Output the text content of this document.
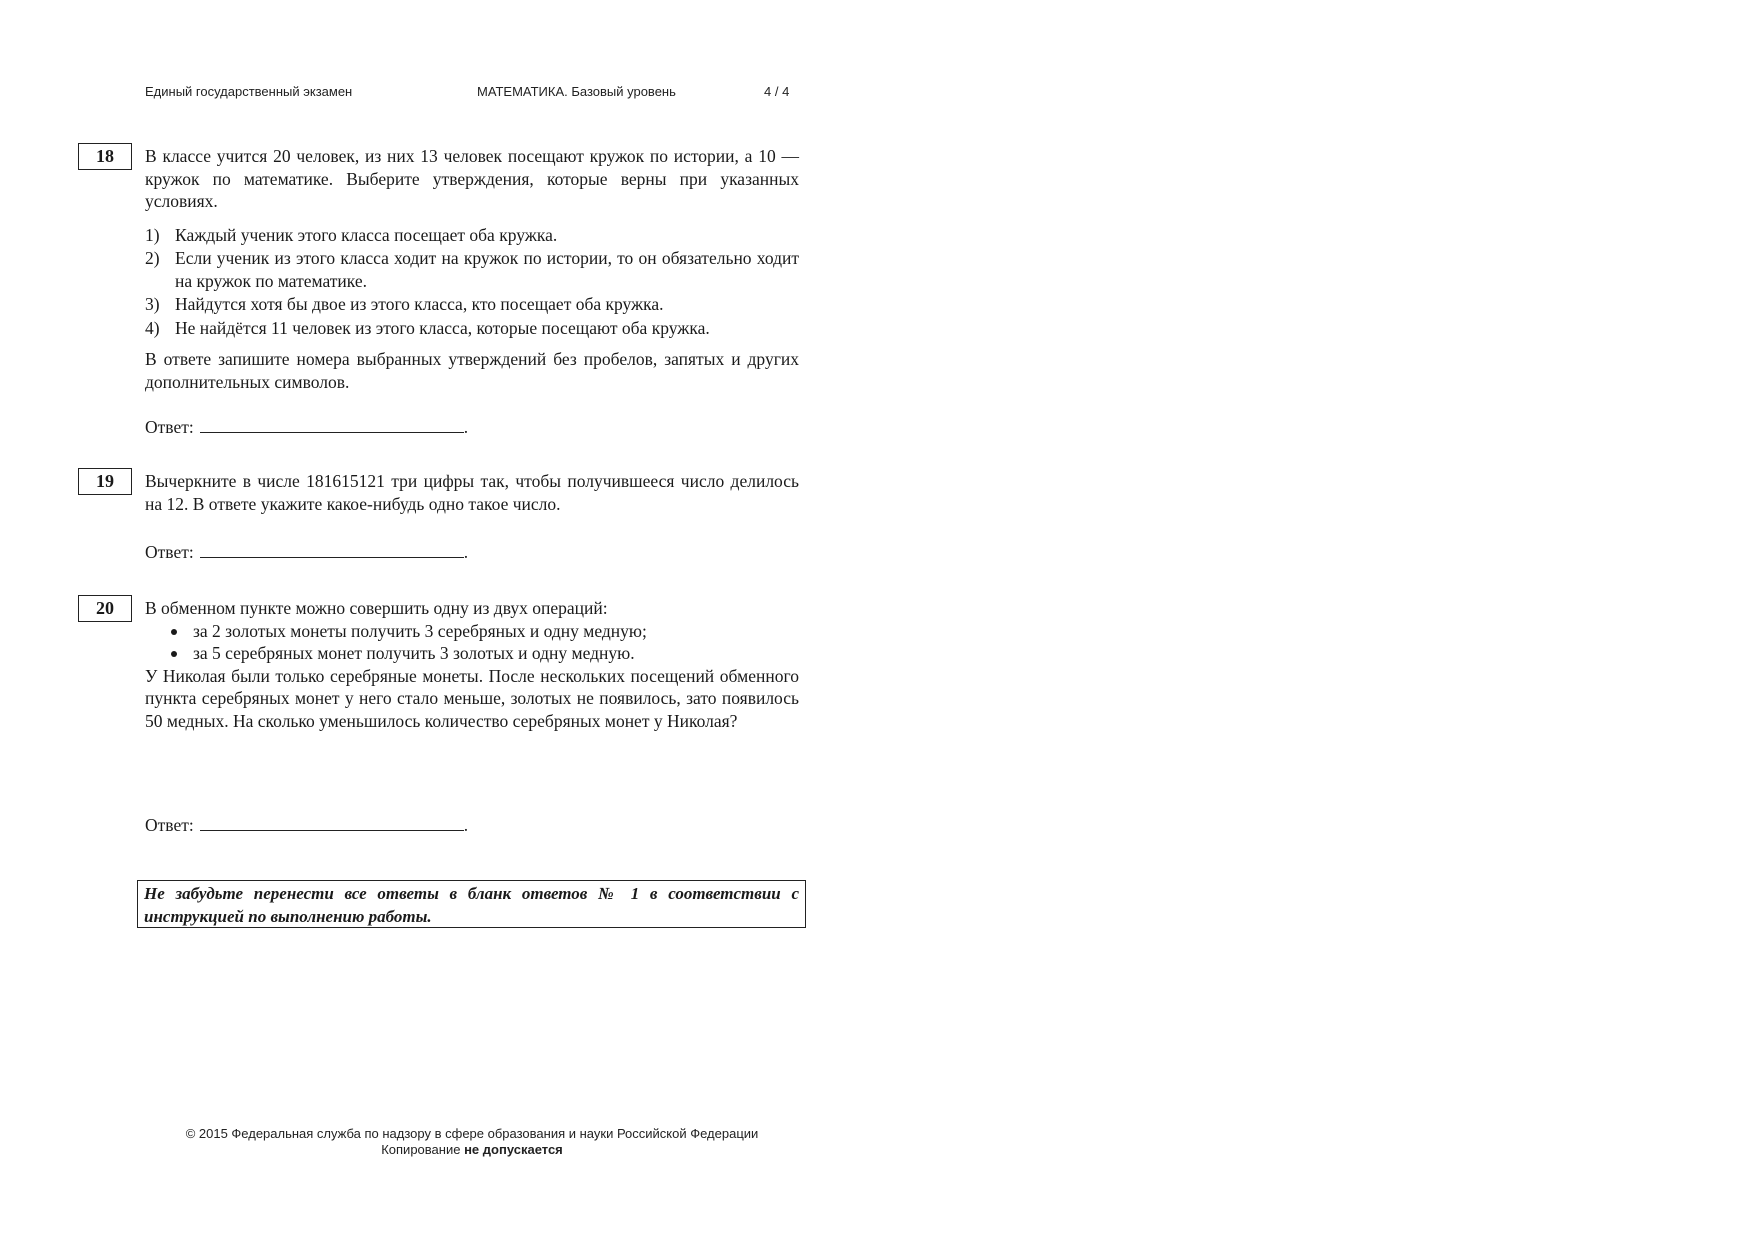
Единый государственный экзамен	МАТЕМАТИКА. Базовый уровень	4 / 4
18	В классе учится 20 человек, из них 13 человек посещают кружок по истории, а 10 — кружок по математике. Выберите утверждения, которые верны при указанных условиях.

1) Каждый ученик этого класса посещает оба кружка.
2) Если ученик из этого класса ходит на кружок по истории, то он обязательно ходит на кружок по математике.
3) Найдутся хотя бы двое из этого класса, кто посещает оба кружка.
4) Не найдётся 11 человек из этого класса, которые посещают оба кружка.

В ответе запишите номера выбранных утверждений без пробелов, запятых и других дополнительных символов.

Ответ:	.
19	Вычеркните в числе 181615121 три цифры так, чтобы получившееся число делилось на 12. В ответе укажите какое-нибудь одно такое число.

Ответ:	.
20	В обменном пункте можно совершить одну из двух операций:

за 2 золотых монеты получить 3 серебряных и одну медную;
за 5 серебряных монет получить 3 золотых и одну медную.

У Николая были только серебряные монеты. После нескольких посещений обменного пункта серебряных монет у него стало меньше, золотых не появилось, зато появилось 50 медных. На сколько уменьшилось количество серебряных монет у Николая?

Ответ:	.
Не забудьте перенести все ответы в бланк ответов № 1 в соответствии с инструкцией по выполнению работы.
© 2015 Федеральная служба по надзору в сфере образования и науки Российской Федерации
Копирование не допускается
